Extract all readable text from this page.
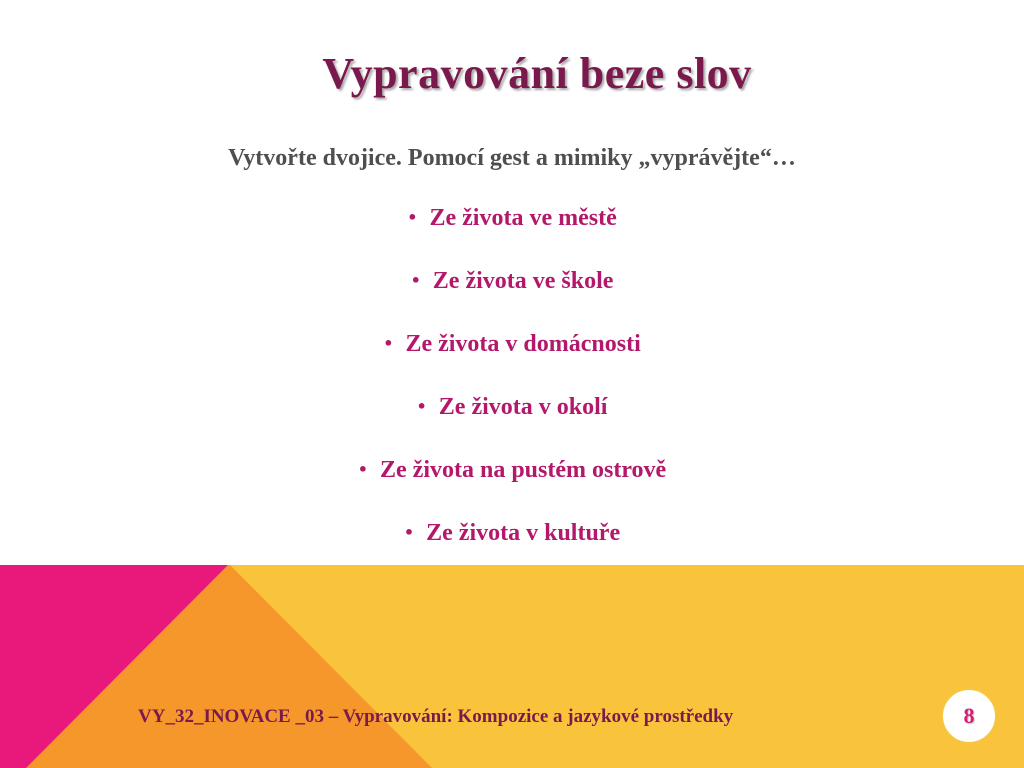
Vypravování beze slov

Vytvořte dvojice. Pomocí gest a mimiky „vyprávějte“…

• Ze života ve městě
• Ze života ve škole
• Ze života v domácnosti
• Ze života v okolí
• Ze života na pustém ostrově
• Ze života v kultuře
VY_32_INOVACE _03 – Vypravování: Kompozice a jazykové prostředky	8
